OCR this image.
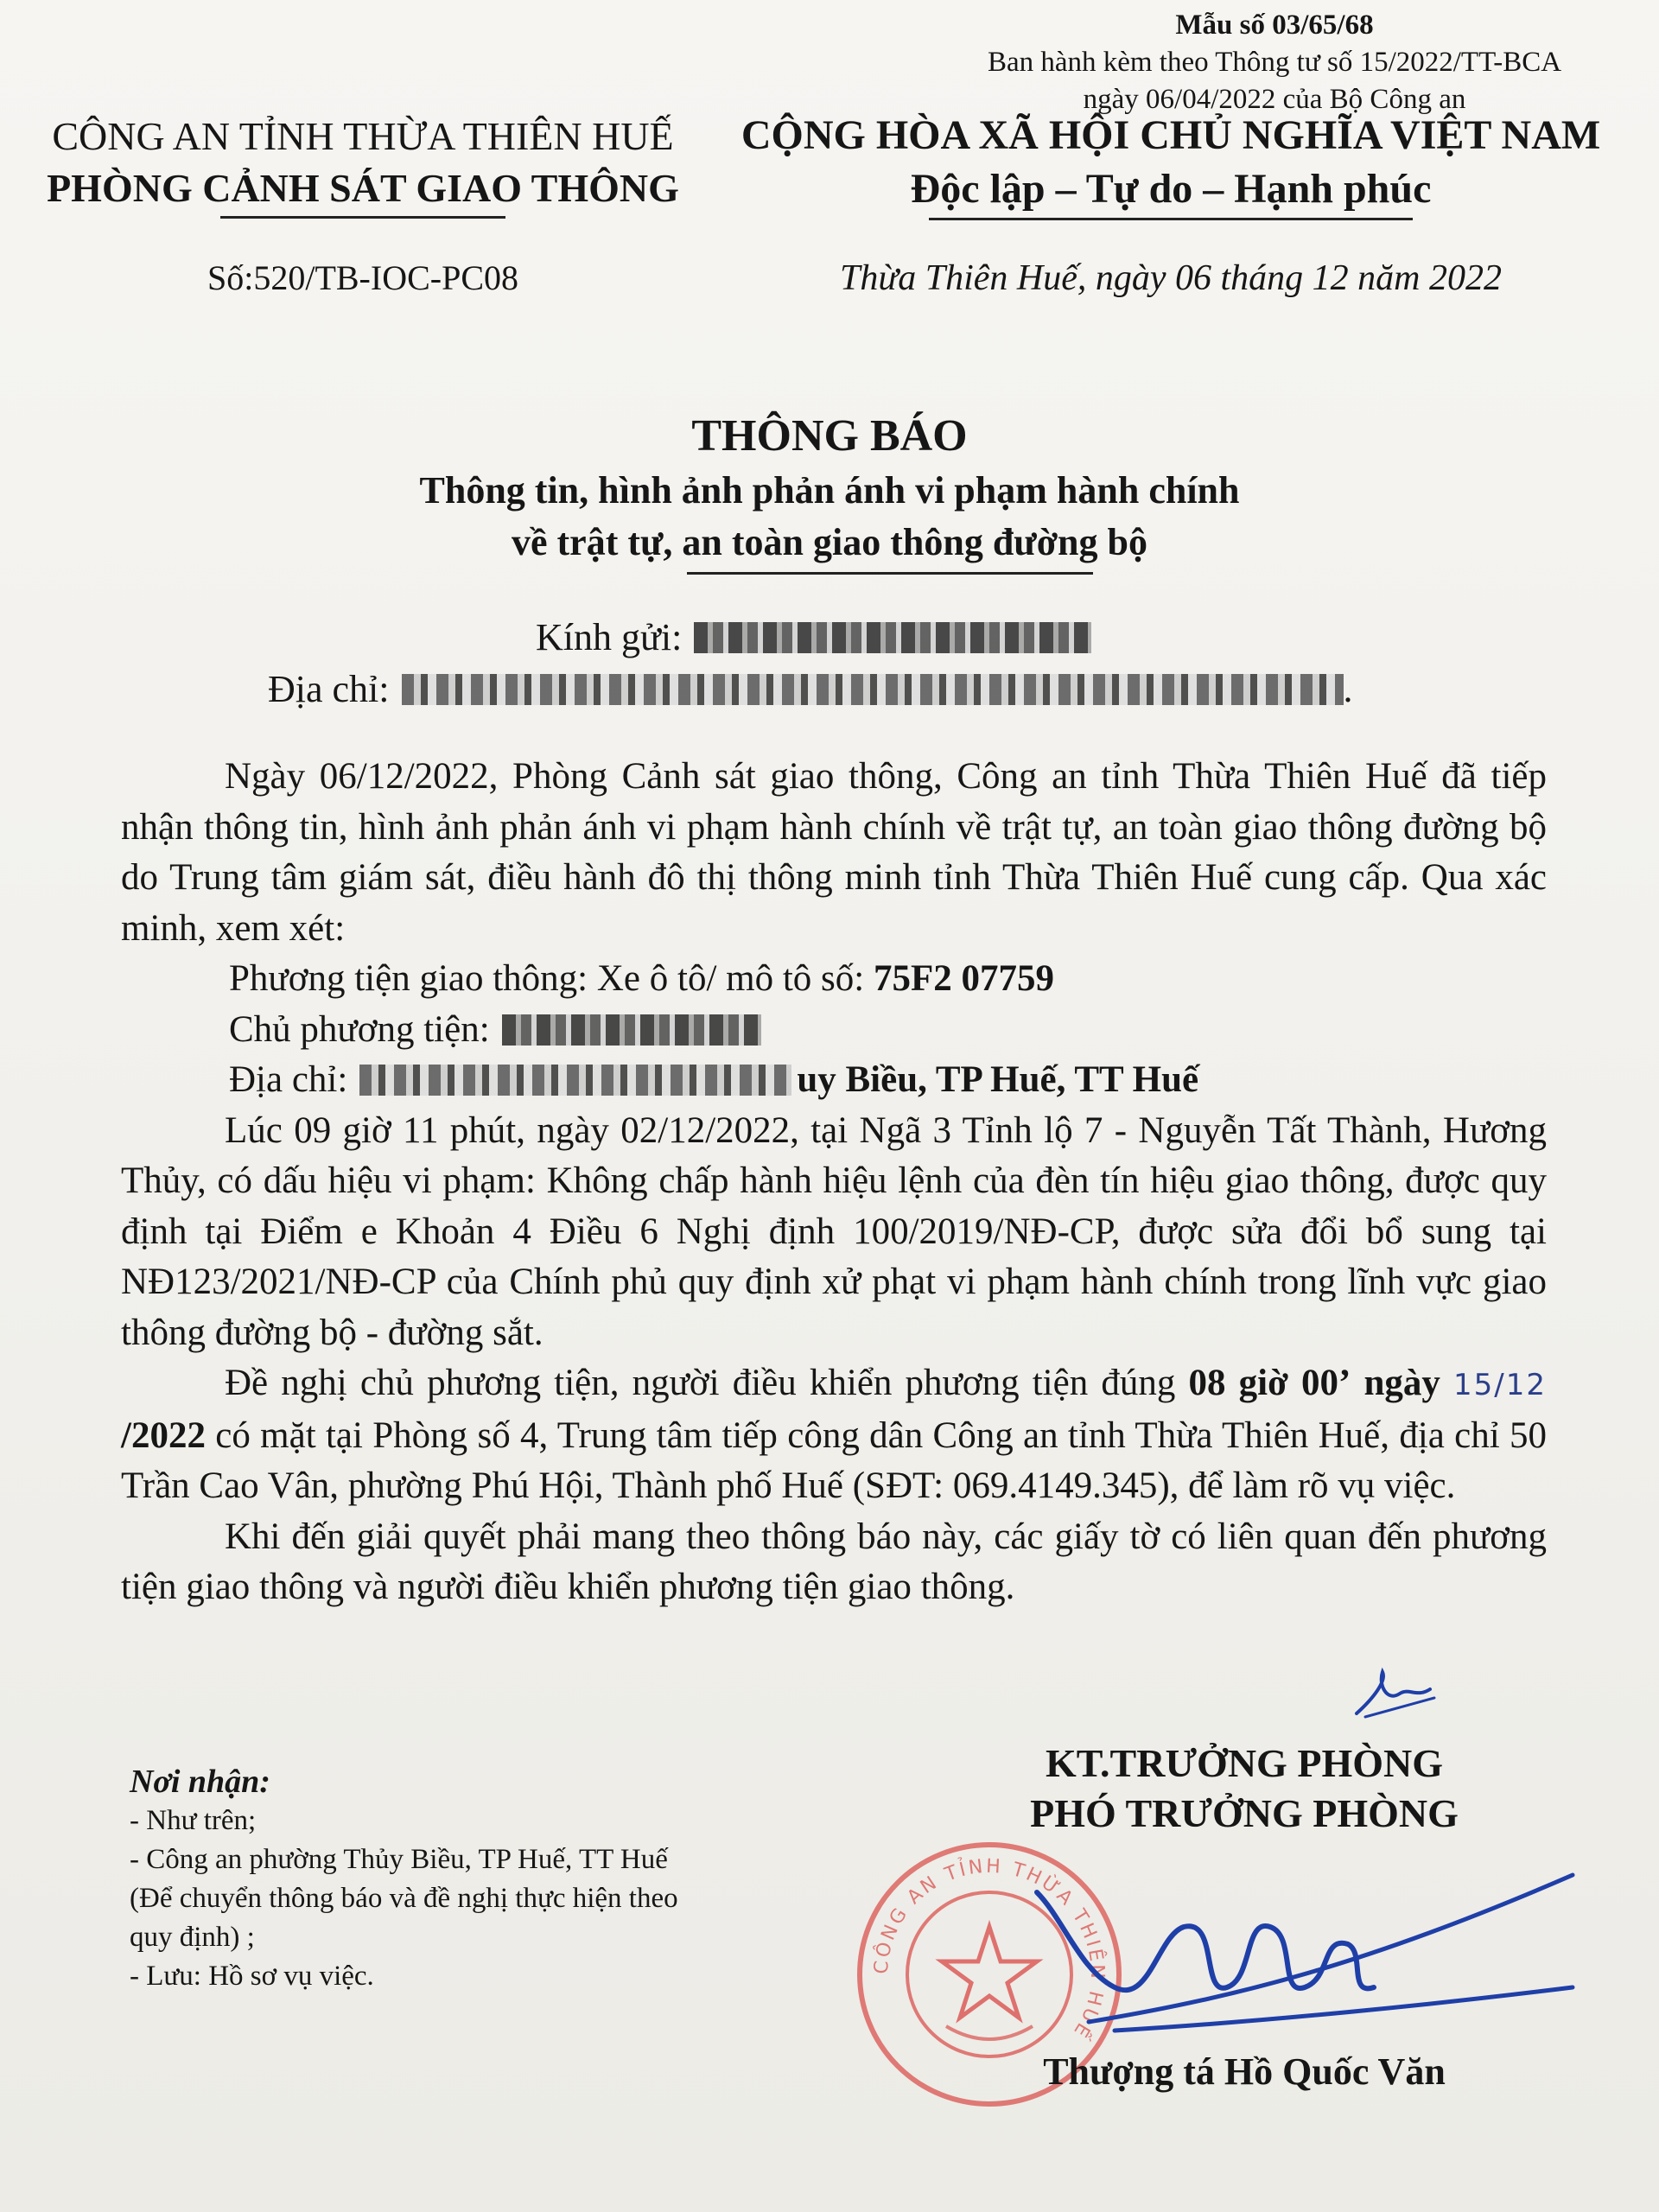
Mẫu số 03/65/68
Ban hành kèm theo Thông tư số 15/2022/TT-BCA
ngày 06/04/2022 của Bộ Công an
CÔNG AN TỈNH THỪA THIÊN HUẾ
PHÒNG CẢNH SÁT GIAO THÔNG
Số:520/TB-IOC-PC08
CỘNG HÒA XÃ HỘI CHỦ NGHĨA VIỆT NAM
Độc lập – Tự do – Hạnh phúc
Thừa Thiên Huế, ngày 06 tháng 12 năm 2022
THÔNG BÁO
Thông tin, hình ảnh phản ánh vi phạm hành chính
về trật tự, an toàn giao thông đường bộ
Kính gửi:
Địa chỉ:	.

Ngày 06/12/2022, Phòng Cảnh sát giao thông, Công an tỉnh Thừa Thiên Huế đã tiếp nhận thông tin, hình ảnh phản ánh vi phạm hành chính về trật tự, an toàn giao thông đường bộ do Trung tâm giám sát, điều hành đô thị thông minh tỉnh Thừa Thiên Huế cung cấp. Qua xác minh, xem xét:

Phương tiện giao thông: Xe ô tô/ mô tô số:
75F2 07759
Chủ phương tiện:
Địa chỉ:	uy Biều, TP Huế, TT Huế

Lúc 09 giờ 11 phút, ngày 02/12/2022, tại Ngã 3 Tỉnh lộ 7 - Nguyễn Tất Thành, Hương Thủy, có dấu hiệu vi phạm: Không chấp hành hiệu lệnh của đèn tín hiệu giao thông, được quy định tại Điểm e Khoản 4 Điều 6 Nghị định 100/2019/NĐ-CP, được sửa đổi bổ sung tại NĐ123/2021/NĐ-CP của Chính phủ quy định xử phạt vi phạm hành chính trong lĩnh vực giao thông đường bộ - đường sắt.

Đề nghị chủ phương tiện, người điều khiển phương tiện đúng 08 giờ 00’ ngày 15/12 /2022 có mặt tại Phòng số 4, Trung tâm tiếp công dân Công an tỉnh Thừa Thiên Huế, địa chỉ 50 Trần Cao Vân, phường Phú Hội, Thành phố Huế (SĐT: 069.4149.345), để làm rõ vụ việc.

Khi đến giải quyết phải mang theo thông báo này, các giấy tờ có liên quan đến phương tiện giao thông và người điều khiển phương tiện giao thông.

Nơi nhận:
- Như trên;
- Công an phường Thủy Biều, TP Huế, TT Huế
(Để chuyển thông báo và đề nghị thực hiện theo
quy định) ;
- Lưu: Hồ sơ vụ việc.	CÔNG AN TỈNH THỪA THIÊN HUẾ
KT.TRƯỞNG PHÒNG
PHÓ TRƯỞNG PHÒNG
Thượng tá Hồ Quốc Văn
